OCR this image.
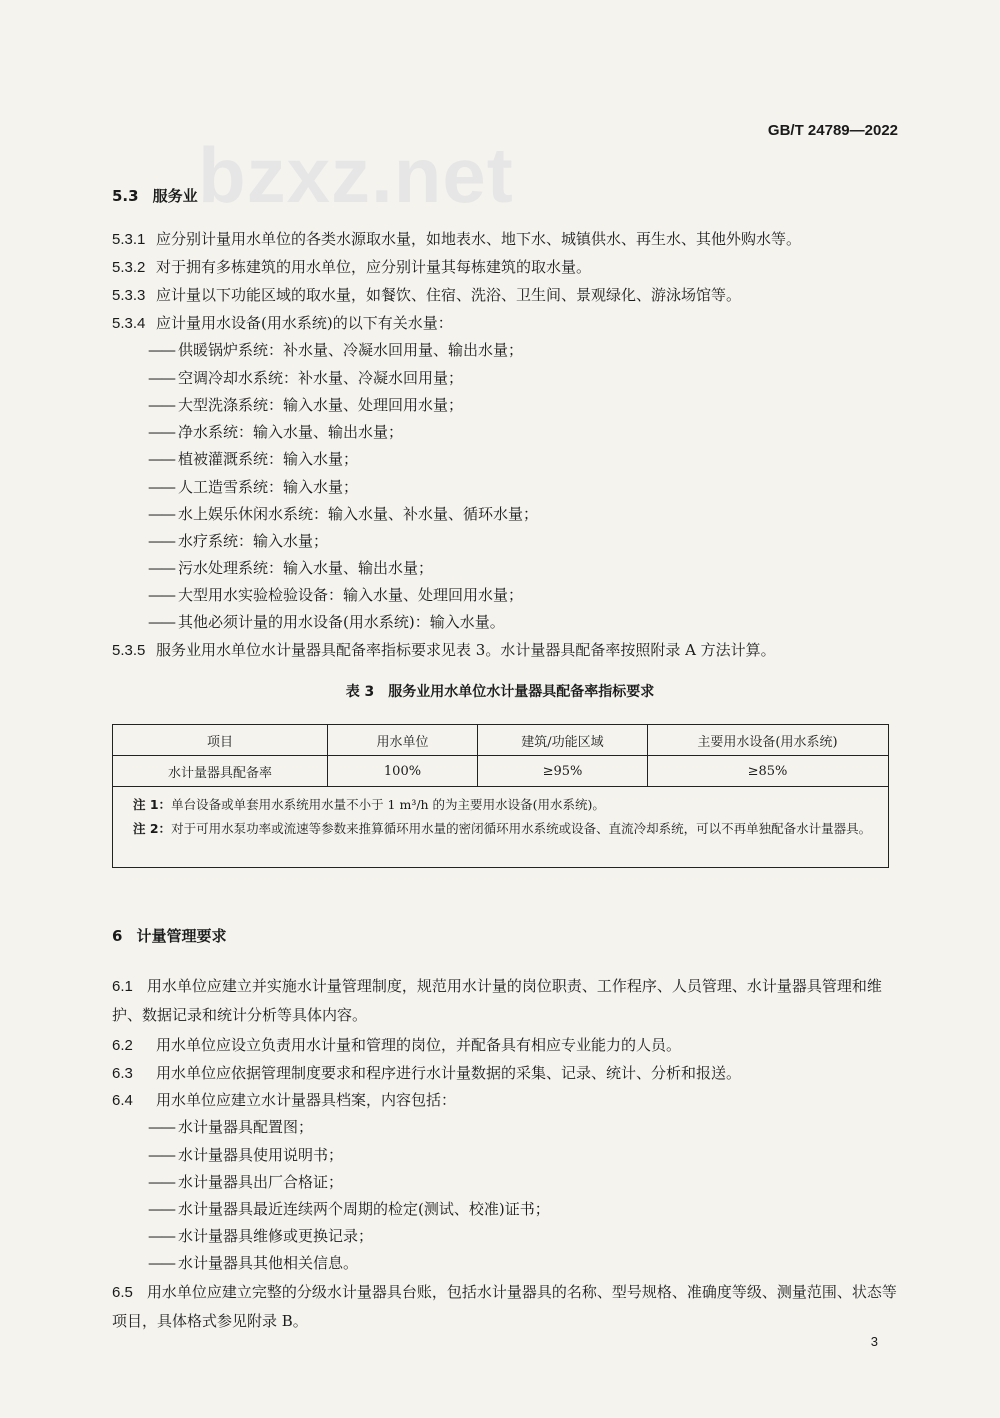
bzxz.net
GB/T 24789—2022
5.3 服务业
5.3.1 应分别计量用水单位的各类水源取水量，如地表水、地下水、城镇供水、再生水、其他外购水等。
5.3.2 对于拥有多栋建筑的用水单位，应分别计量其每栋建筑的取水量。
5.3.3 应计量以下功能区域的取水量，如餐饮、住宿、洗浴、卫生间、景观绿化、游泳场馆等。
5.3.4 应计量用水设备(用水系统)的以下有关水量：
—— 供暖锅炉系统：补水量、冷凝水回用量、输出水量；
—— 空调冷却水系统：补水量、冷凝水回用量；
—— 大型洗涤系统：输入水量、处理回用水量；
—— 净水系统：输入水量、输出水量；
—— 植被灌溉系统：输入水量；
—— 人工造雪系统：输入水量；
—— 水上娱乐休闲水系统：输入水量、补水量、循环水量；
—— 水疗系统：输入水量；
—— 污水处理系统：输入水量、输出水量；
—— 大型用水实验检验设备：输入水量、处理回用水量；
—— 其他必须计量的用水设备(用水系统)：输入水量。
5.3.5 服务业用水单位水计量器具配备率指标要求见表 3。水计量器具配备率按照附录 A 方法计算。
表 3　服务业用水单位水计量器具配备率指标要求
项目	用水单位	建筑/功能区域	主要用水设备(用水系统)
水计量器具配备率	100%	≥95%	≥85%
注 1：单台设备或单套用水系统用水量不小于 1 m³/h 的为主要用水设备(用水系统)。
注 2：对于可用水泵功率或流速等参数来推算循环用水量的密闭循环用水系统或设备、直流冷却系统，可以不再单独配备水计量器具。
6 计量管理要求
6.1 用水单位应建立并实施水计量管理制度，规范用水计量的岗位职责、工作程序、人员管理、水计量器具管理和维护、数据记录和统计分析等具体内容。
6.2 用水单位应设立负责用水计量和管理的岗位，并配备具有相应专业能力的人员。
6.3 用水单位应依据管理制度要求和程序进行水计量数据的采集、记录、统计、分析和报送。
6.4 用水单位应建立水计量器具档案，内容包括：
—— 水计量器具配置图；
—— 水计量器具使用说明书；
—— 水计量器具出厂合格证；
—— 水计量器具最近连续两个周期的检定(测试、校准)证书；
—— 水计量器具维修或更换记录；
—— 水计量器具其他相关信息。
6.5 用水单位应建立完整的分级水计量器具台账，包括水计量器具的名称、型号规格、准确度等级、测量范围、状态等项目，具体格式参见附录 B。
3
